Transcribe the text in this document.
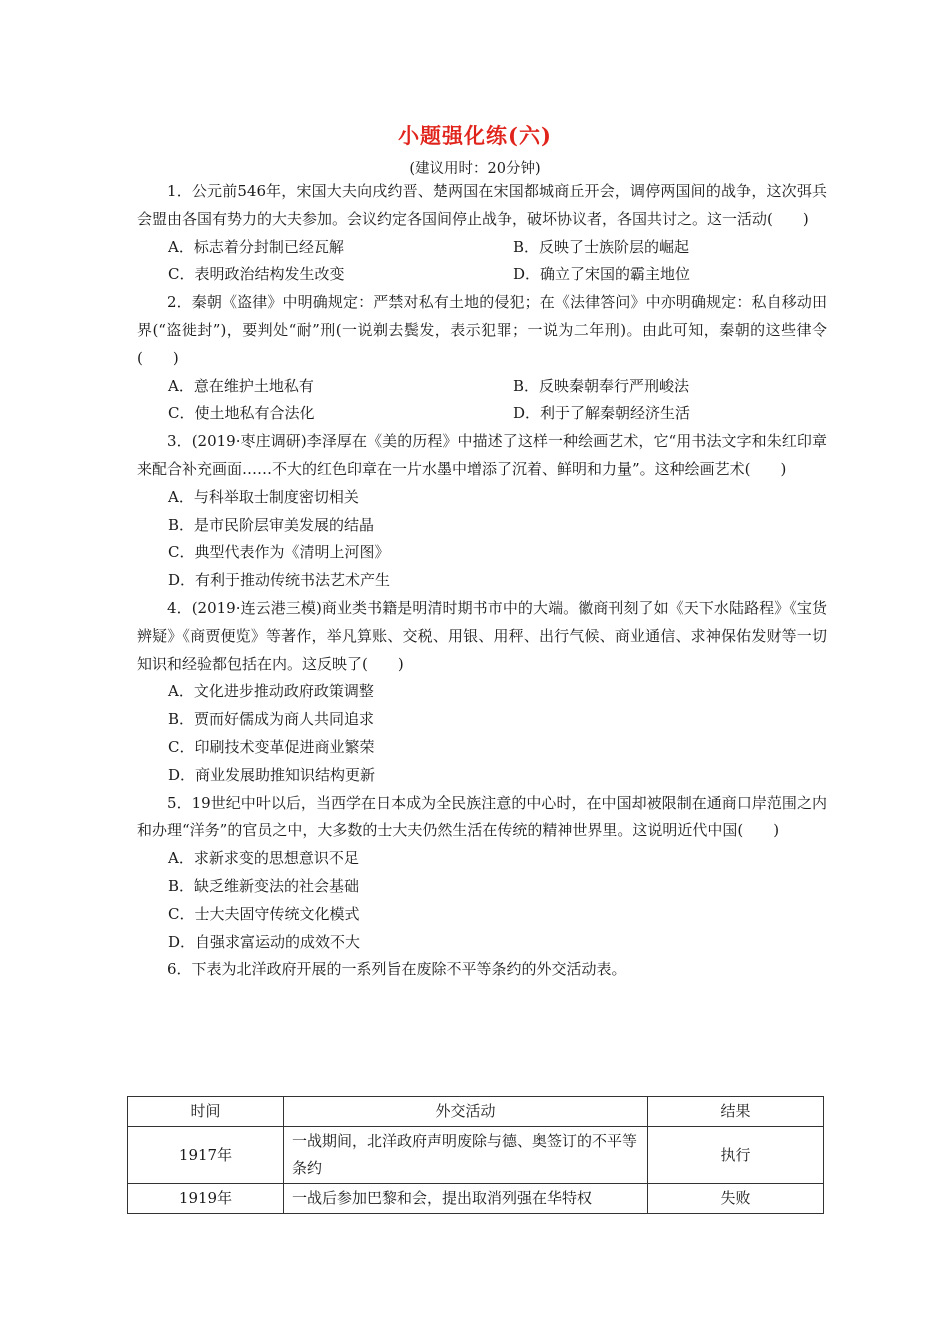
小题强化练(六)
(建议用时：20分钟)
1．公元前546年，宋国大夫向戌约晋、楚两国在宋国都城商丘开会，调停两国间的战争，这次弭兵会盟由各国有势力的大夫参加。会议约定各国间停止战争，破坏协议者，各国共讨之。这一活动(　　)
A．标志着分封制已经瓦解	B．反映了士族阶层的崛起
C．表明政治结构发生改变	D．确立了宋国的霸主地位
2．秦朝《盗律》中明确规定：严禁对私有土地的侵犯；在《法律答问》中亦明确规定：私自移动田界(“盗徙封”)，要判处“耐”刑(一说剃去鬓发，表示犯罪；一说为二年刑)。由此可知，秦朝的这些律令(　　)
A．意在维护土地私有	B．反映秦朝奉行严刑峻法
C．使土地私有合法化	D．利于了解秦朝经济生活
3．(2019·枣庄调研)李泽厚在《美的历程》中描述了这样一种绘画艺术，它“用书法文字和朱红印章来配合补充画面……不大的红色印章在一片水墨中增添了沉着、鲜明和力量”。这种绘画艺术(　　)
A．与科举取士制度密切相关
B．是市民阶层审美发展的结晶
C．典型代表作为《清明上河图》
D．有利于推动传统书法艺术产生
4．(2019·连云港三模)商业类书籍是明清时期书市中的大端。徽商刊刻了如《天下水陆路程》《宝货辨疑》《商贾便览》等著作，举凡算账、交税、用银、用秤、出行气候、商业通信、求神保佑发财等一切知识和经验都包括在内。这反映了(　　)
A．文化进步推动政府政策调整
B．贾而好儒成为商人共同追求
C．印刷技术变革促进商业繁荣
D．商业发展助推知识结构更新
5．19世纪中叶以后，当西学在日本成为全民族注意的中心时，在中国却被限制在通商口岸范围之内和办理“洋务”的官员之中，大多数的士大夫仍然生活在传统的精神世界里。这说明近代中国(　　)
A．求新求变的思想意识不足
B．缺乏维新变法的社会基础
C．士大夫固守传统文化模式
D．自强求富运动的成效不大
6．下表为北洋政府开展的一系列旨在废除不平等条约的外交活动表。
时间	外交活动	结果
1917年	一战期间，北洋政府声明废除与德、奥签订的不平等条约	执行
1919年	一战后参加巴黎和会，提出取消列强在华特权	失败
